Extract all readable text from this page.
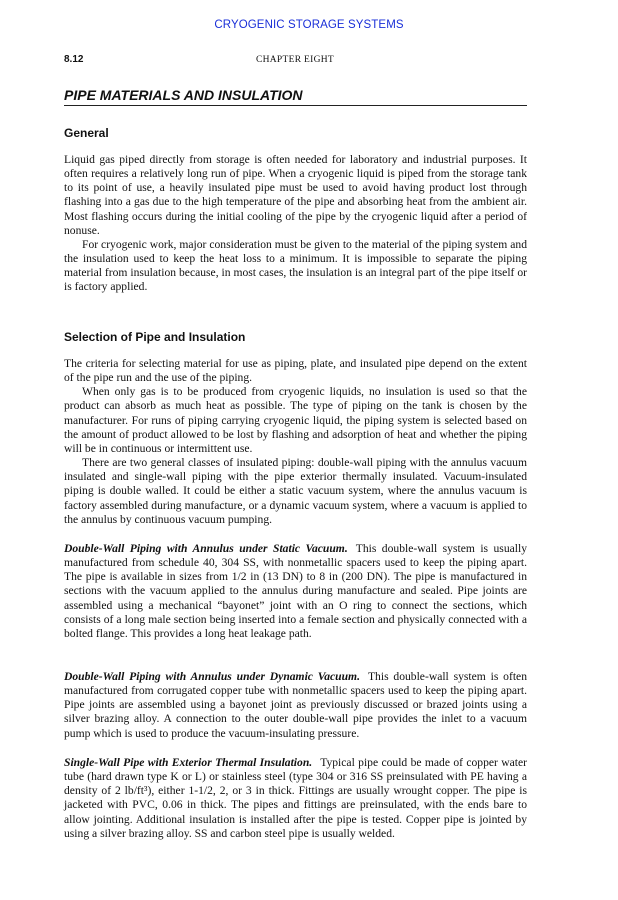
CRYOGENIC STORAGE SYSTEMS
8.12	CHAPTER EIGHT
PIPE MATERIALS AND INSULATION
General

Liquid gas piped directly from storage is often needed for laboratory and industrial purposes. It often requires a relatively long run of pipe. When a cryogenic liquid is piped from the storage tank to its point of use, a heavily insulated pipe must be used to avoid having product lost through flashing into a gas due to the high temperature of the pipe and absorbing heat from the ambient air. Most flashing occurs during the initial cooling of the pipe by the cryogenic liquid after a period of nonuse.

For cryogenic work, major consideration must be given to the material of the piping system and the insulation used to keep the heat loss to a minimum. It is impossible to separate the piping material from insulation because, in most cases, the insulation is an integral part of the pipe itself or is factory applied.

Selection of Pipe and Insulation

The criteria for selecting material for use as piping, plate, and insulated pipe depend on the extent of the pipe run and the use of the piping.

When only gas is to be produced from cryogenic liquids, no insulation is used so that the product can absorb as much heat as possible. The type of piping on the tank is chosen by the manufacturer. For runs of piping carrying cryogenic liquid, the piping system is selected based on the amount of product allowed to be lost by flashing and adsorption of heat and whether the piping will be in continuous or intermittent use.

There are two general classes of insulated piping: double-wall piping with the annulus vacuum insulated and single-wall piping with the pipe exterior thermally insulated. Vacuum-insulated piping is double walled. It could be either a static vacuum system, where the annulus vacuum is factory assembled during manufacture, or a dynamic vacuum system, where a vacuum is applied to the annulus by continuous vacuum pumping.

Double-Wall Piping with Annulus under Static Vacuum. This double-wall system is usually manufactured from schedule 40, 304 SS, with nonmetallic spacers used to keep the piping apart. The pipe is available in sizes from 1/2 in (13 DN) to 8 in (200 DN). The pipe is manufactured in sections with the vacuum applied to the annulus during manufacture and sealed. Pipe joints are assembled using a mechanical “bayonet” joint with an O ring to connect the sections, which consists of a long male section being inserted into a female section and physically connected with a bolted flange. This provides a long heat leakage path.

Double-Wall Piping with Annulus under Dynamic Vacuum. This double-wall system is often manufactured from corrugated copper tube with nonmetallic spacers used to keep the piping apart. Pipe joints are assembled using a bayonet joint as previously discussed or brazed joints using a silver brazing alloy. A connection to the outer double-wall pipe provides the inlet to a vacuum pump which is used to produce the vacuum-insulating pressure.

Single-Wall Pipe with Exterior Thermal Insulation. Typical pipe could be made of copper water tube (hard drawn type K or L) or stainless steel (type 304 or 316 SS preinsulated with PE having a density of 2 lb/ft³), either 1-1/2, 2, or 3 in thick. Fittings are usually wrought copper. The pipe is jacketed with PVC, 0.06 in thick. The pipes and fittings are preinsulated, with the ends bare to allow jointing. Additional insulation is installed after the pipe is tested. Copper pipe is jointed by using a silver brazing alloy. SS and carbon steel pipe is usually welded.
